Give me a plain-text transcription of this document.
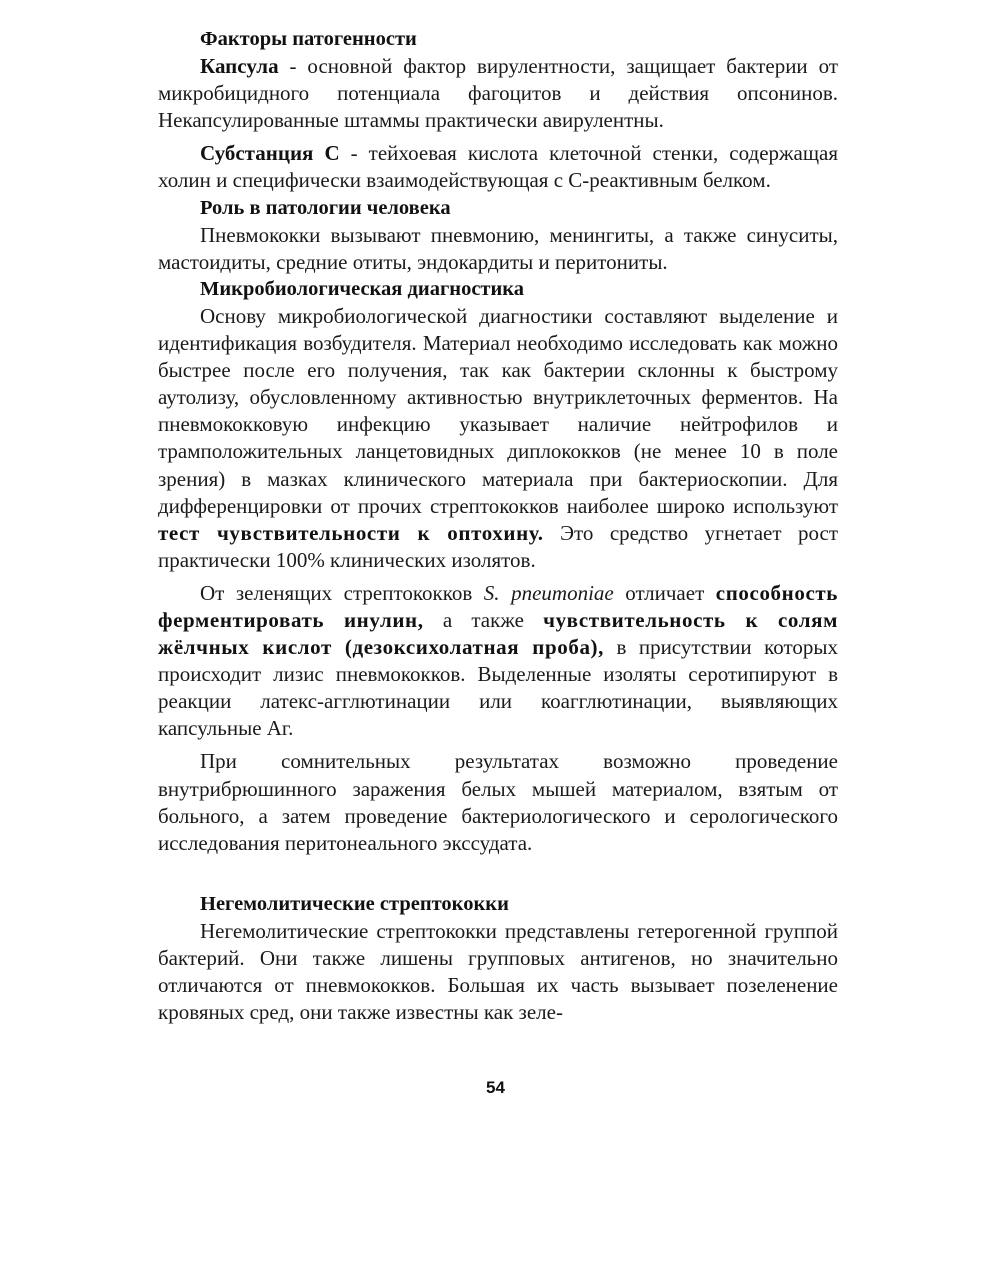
Факторы патогенности

Капсула - основной фактор вирулентности, защищает бактерии от микробицидного потенциала фагоцитов и действия опсонинов. Некапсулированные штаммы практически авирулентны.

Субстанция С - тейхоевая кислота клеточной стенки, содержащая холин и специфически взаимодействующая с С-реактивным белком.

Роль в патологии человека

Пневмококки вызывают пневмонию, менингиты, а также синуситы, мастоидиты, средние отиты, эндокардиты и перитониты.

Микробиологическая диагностика

Основу микробиологической диагностики составляют выделение и идентификация возбудителя. Материал необходимо исследовать как можно быстрее после его получения, так как бактерии склонны к быстрому аутолизу, обусловленному активностью внутриклеточных ферментов. На пневмококковую инфекцию указывает наличие нейтрофилов и трамположительных ланцетовидных диплококков (не менее 10 в поле зрения) в мазках клинического материала при бактериоскопии. Для дифференцировки от прочих стрептококков наиболее широко используют тест чувствительности к оптохину. Это средство угнетает рост практически 100% клинических изолятов.

От зеленящих стрептококков S. pneumoniae отличает способность ферментировать инулин, а также чувствительность к солям жёлчных кислот (дезоксихолатная проба), в присутствии которых происходит лизис пневмококков. Выделенные изоляты серотипируют в реакции латекс-агглютинации или коагглютинации, выявляющих капсульные Аг.

При сомнительных результатах возможно проведение внутрибрюшинного заражения белых мышей материалом, взятым от больного, а затем проведение бактериологического и серологического исследования перитонеального экссудата.

Негемолитические стрептококки

Негемолитические стрептококки представлены гетерогенной группой бактерий. Они также лишены групповых антигенов, но значительно отличаются от пневмококков. Большая их часть вызывает позеленение кровяных сред, они также известны как зеле-

54
